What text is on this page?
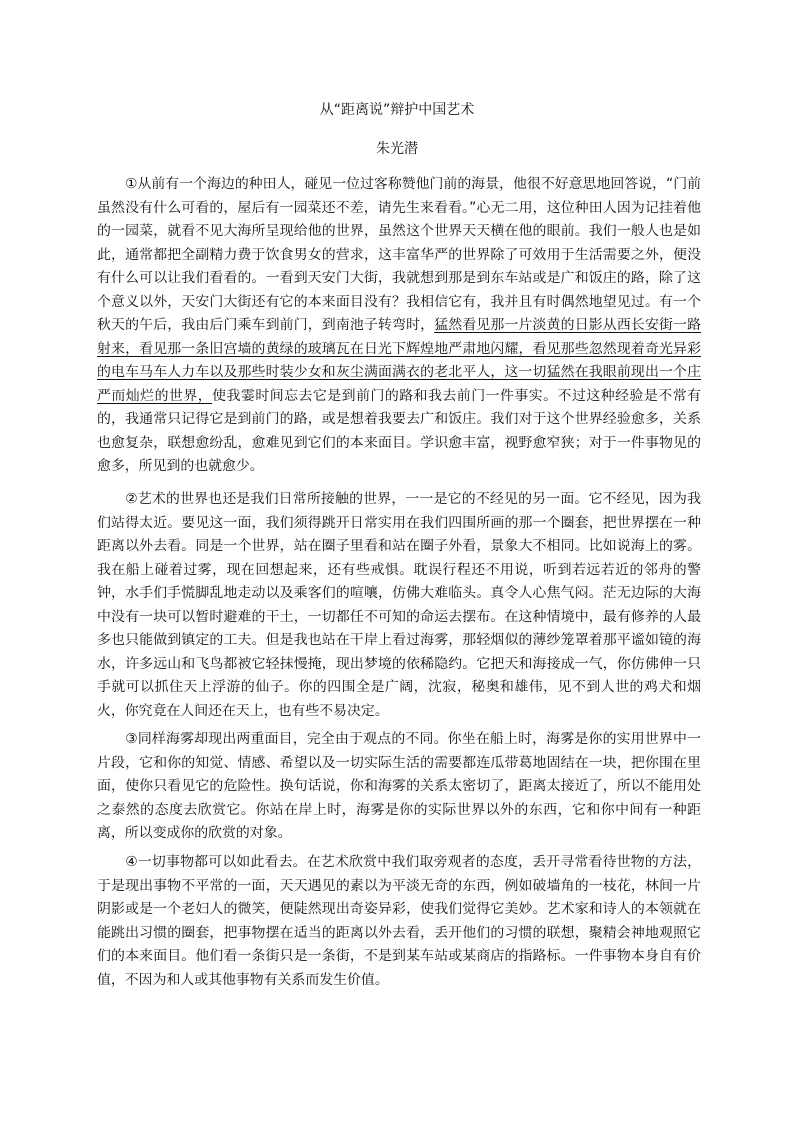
从“距离说”辩护中国艺术
朱光潜

①从前有一个海边的种田人，碰见一位过客称赞他门前的海景，他很不好意思地回答说，“门前虽然没有什么可看的，屋后有一园菜还不差，请先生来看看。”心无二用，这位种田人因为记挂着他的一园菜，就看不见大海所呈现给他的世界，虽然这个世界天天横在他的眼前。我们一般人也是如此，通常都把全副精力费于饮食男女的营求，这丰富华严的世界除了可效用于生活需要之外，便没有什么可以让我们看看的。一看到天安门大街，我就想到那是到东车站或是广和饭庄的路，除了这个意义以外，天安门大街还有它的本来面目没有？我相信它有，我并且有时偶然地望见过。有一个秋天的午后，我由后门乘车到前门，到南池子转弯时，猛然看见那一片淡黄的日影从西长安街一路射来，看见那一条旧宫墙的黄绿的玻璃瓦在日光下辉煌地严肃地闪耀，看见那些忽然现着奇光异彩的电车马车人力车以及那些时装少女和灰尘满面满衣的老北平人，这一切猛然在我眼前现出一个庄严而灿烂的世界，使我霎时间忘去它是到前门的路和我去前门一件事实。不过这种经验是不常有的，我通常只记得它是到前门的路，或是想着我要去广和饭庄。我们对于这个世界经验愈多，关系也愈复杂，联想愈纷乱，愈难见到它们的本来面目。学识愈丰富，视野愈窄狭；对于一件事物见的愈多，所见到的也就愈少。

②艺术的世界也还是我们日常所接触的世界，一一是它的不经见的另一面。它不经见，因为我们站得太近。要见这一面，我们须得跳开日常实用在我们四围所画的那一个圈套，把世界摆在一种距离以外去看。同是一个世界，站在圈子里看和站在圈子外看，景象大不相同。比如说海上的雾。我在船上碰着过雾，现在回想起来，还有些戒惧。耽误行程还不用说，听到若远若近的邻舟的警钟，水手们手慌脚乱地走动以及乘客们的喧嚷，仿佛大难临头。真令人心焦气闷。茫无边际的大海中没有一块可以暂时避难的干土，一切都任不可知的命运去摆布。在这种情境中，最有修养的人最多也只能做到镇定的工夫。但是我也站在干岸上看过海雾，那轻烟似的薄纱笼罩着那平谧如镜的海水，许多远山和飞鸟都被它轻抹慢掩，现出梦境的依稀隐约。它把天和海接成一气，你仿佛伸一只手就可以抓住天上浮游的仙子。你的四围全是广阔，沈寂，秘奥和雄伟，见不到人世的鸡犬和烟火，你究竟在人间还在天上，也有些不易决定。

③同样海雾却现出两重面目，完全由于观点的不同。你坐在船上时，海雾是你的实用世界中一片段，它和你的知觉、情感、希望以及一切实际生活的需要都连瓜带葛地固结在一块，把你围在里面，使你只看见它的危险性。换句话说，你和海雾的关系太密切了，距离太接近了，所以不能用处之泰然的态度去欣赏它。你站在岸上时，海雾是你的实际世界以外的东西，它和你中间有一种距离，所以变成你的欣赏的对象。

④一切事物都可以如此看去。在艺术欣赏中我们取旁观者的态度，丢开寻常看待世物的方法，于是现出事物不平常的一面，天天遇见的素以为平淡无奇的东西，例如破墙角的一枝花，林间一片阴影或是一个老妇人的微笑，便陡然现出奇姿异彩，使我们觉得它美妙。艺术家和诗人的本领就在能跳出习惯的圈套，把事物摆在适当的距离以外去看，丢开他们的习惯的联想，聚精会神地观照它们的本来面目。他们看一条街只是一条街，不是到某车站或某商店的指路标。一件事物本身自有价值，不因为和人或其他事物有关系而发生价值。
